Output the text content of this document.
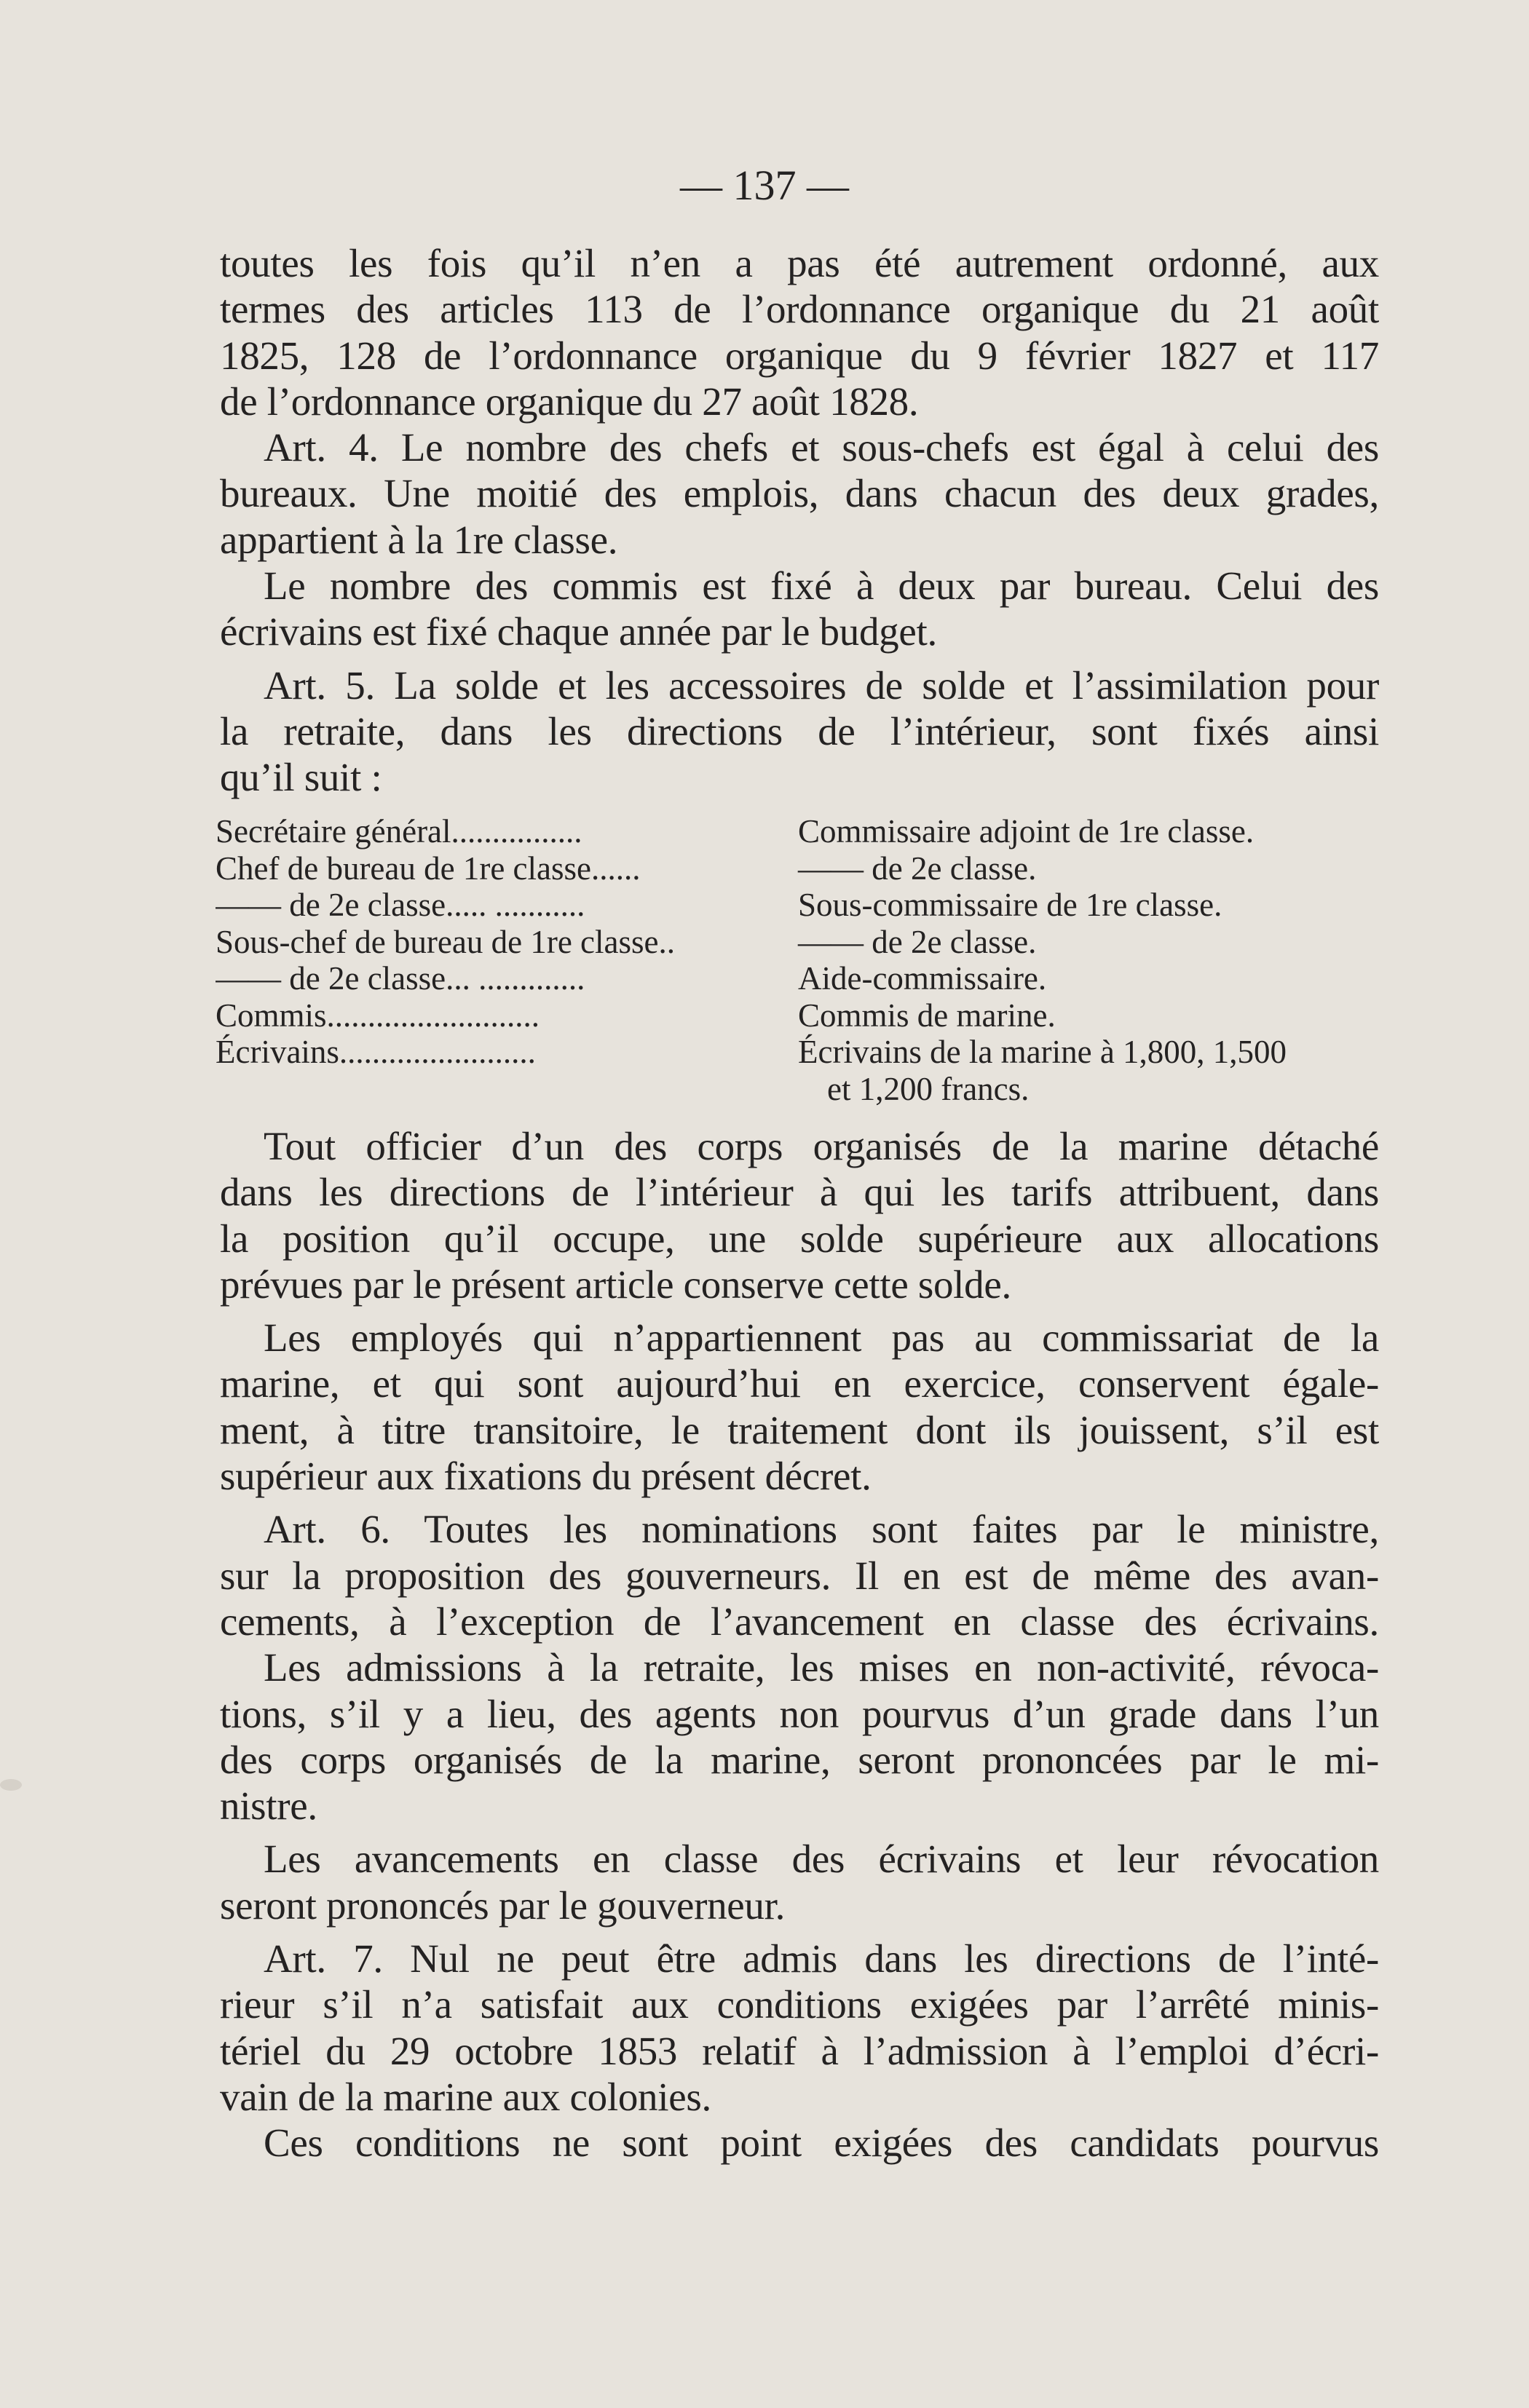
— 137 —
toutes les fois qu’il n’en a pas été autrement ordonné, aux
termes des articles 113 de l’ordonnance organique du 21 août
1825, 128 de l’ordonnance organique du 9 février 1827 et 117
de l’ordonnance organique du 27 août 1828.
Art. 4. Le nombre des chefs et sous-chefs est égal à celui des
bureaux. Une moitié des emplois, dans chacun des deux grades,
appartient à la 1re classe.
Le nombre des commis est fixé à deux par bureau. Celui des
écrivains est fixé chaque année par le budget.
Art. 5. La solde et les accessoires de solde et l’assimilation pour
la retraite, dans les directions de l’intérieur, sont fixés ainsi
qu’il suit :
Secrétaire général................	Commissaire adjoint de 1re classe.
Chef de bureau de 1re classe......	—— de 2e classe.
—— de 2e classe..... ...........	Sous-commissaire de 1re classe.
Sous-chef de bureau de 1re classe..	—— de 2e classe.
—— de 2e classe... .............	Aide-commissaire.
Commis..........................	Commis de marine.
Écrivains........................	Écrivains de la marine à 1,800, 1,500
et 1,200 francs.
Tout officier d’un des corps organisés de la marine détaché
dans les directions de l’intérieur à qui les tarifs attribuent, dans
la position qu’il occupe, une solde supérieure aux allocations
prévues par le présent article conserve cette solde.
Les employés qui n’appartiennent pas au commissariat de la
marine, et qui sont aujourd’hui en exercice, conservent égale-
ment, à titre transitoire, le traitement dont ils jouissent, s’il est
supérieur aux fixations du présent décret.
Art. 6. Toutes les nominations sont faites par le ministre,
sur la proposition des gouverneurs. Il en est de même des avan-
cements, à l’exception de l’avancement en classe des écrivains.
Les admissions à la retraite, les mises en non-activité, révoca-
tions, s’il y a lieu, des agents non pourvus d’un grade dans l’un
des corps organisés de la marine, seront prononcées par le mi-
nistre.
Les avancements en classe des écrivains et leur révocation
seront prononcés par le gouverneur.
Art. 7. Nul ne peut être admis dans les directions de l’inté-
rieur s’il n’a satisfait aux conditions exigées par l’arrêté minis-
tériel du 29 octobre 1853 relatif à l’admission à l’emploi d’écri-
vain de la marine aux colonies.
Ces conditions ne sont point exigées des candidats pourvus
